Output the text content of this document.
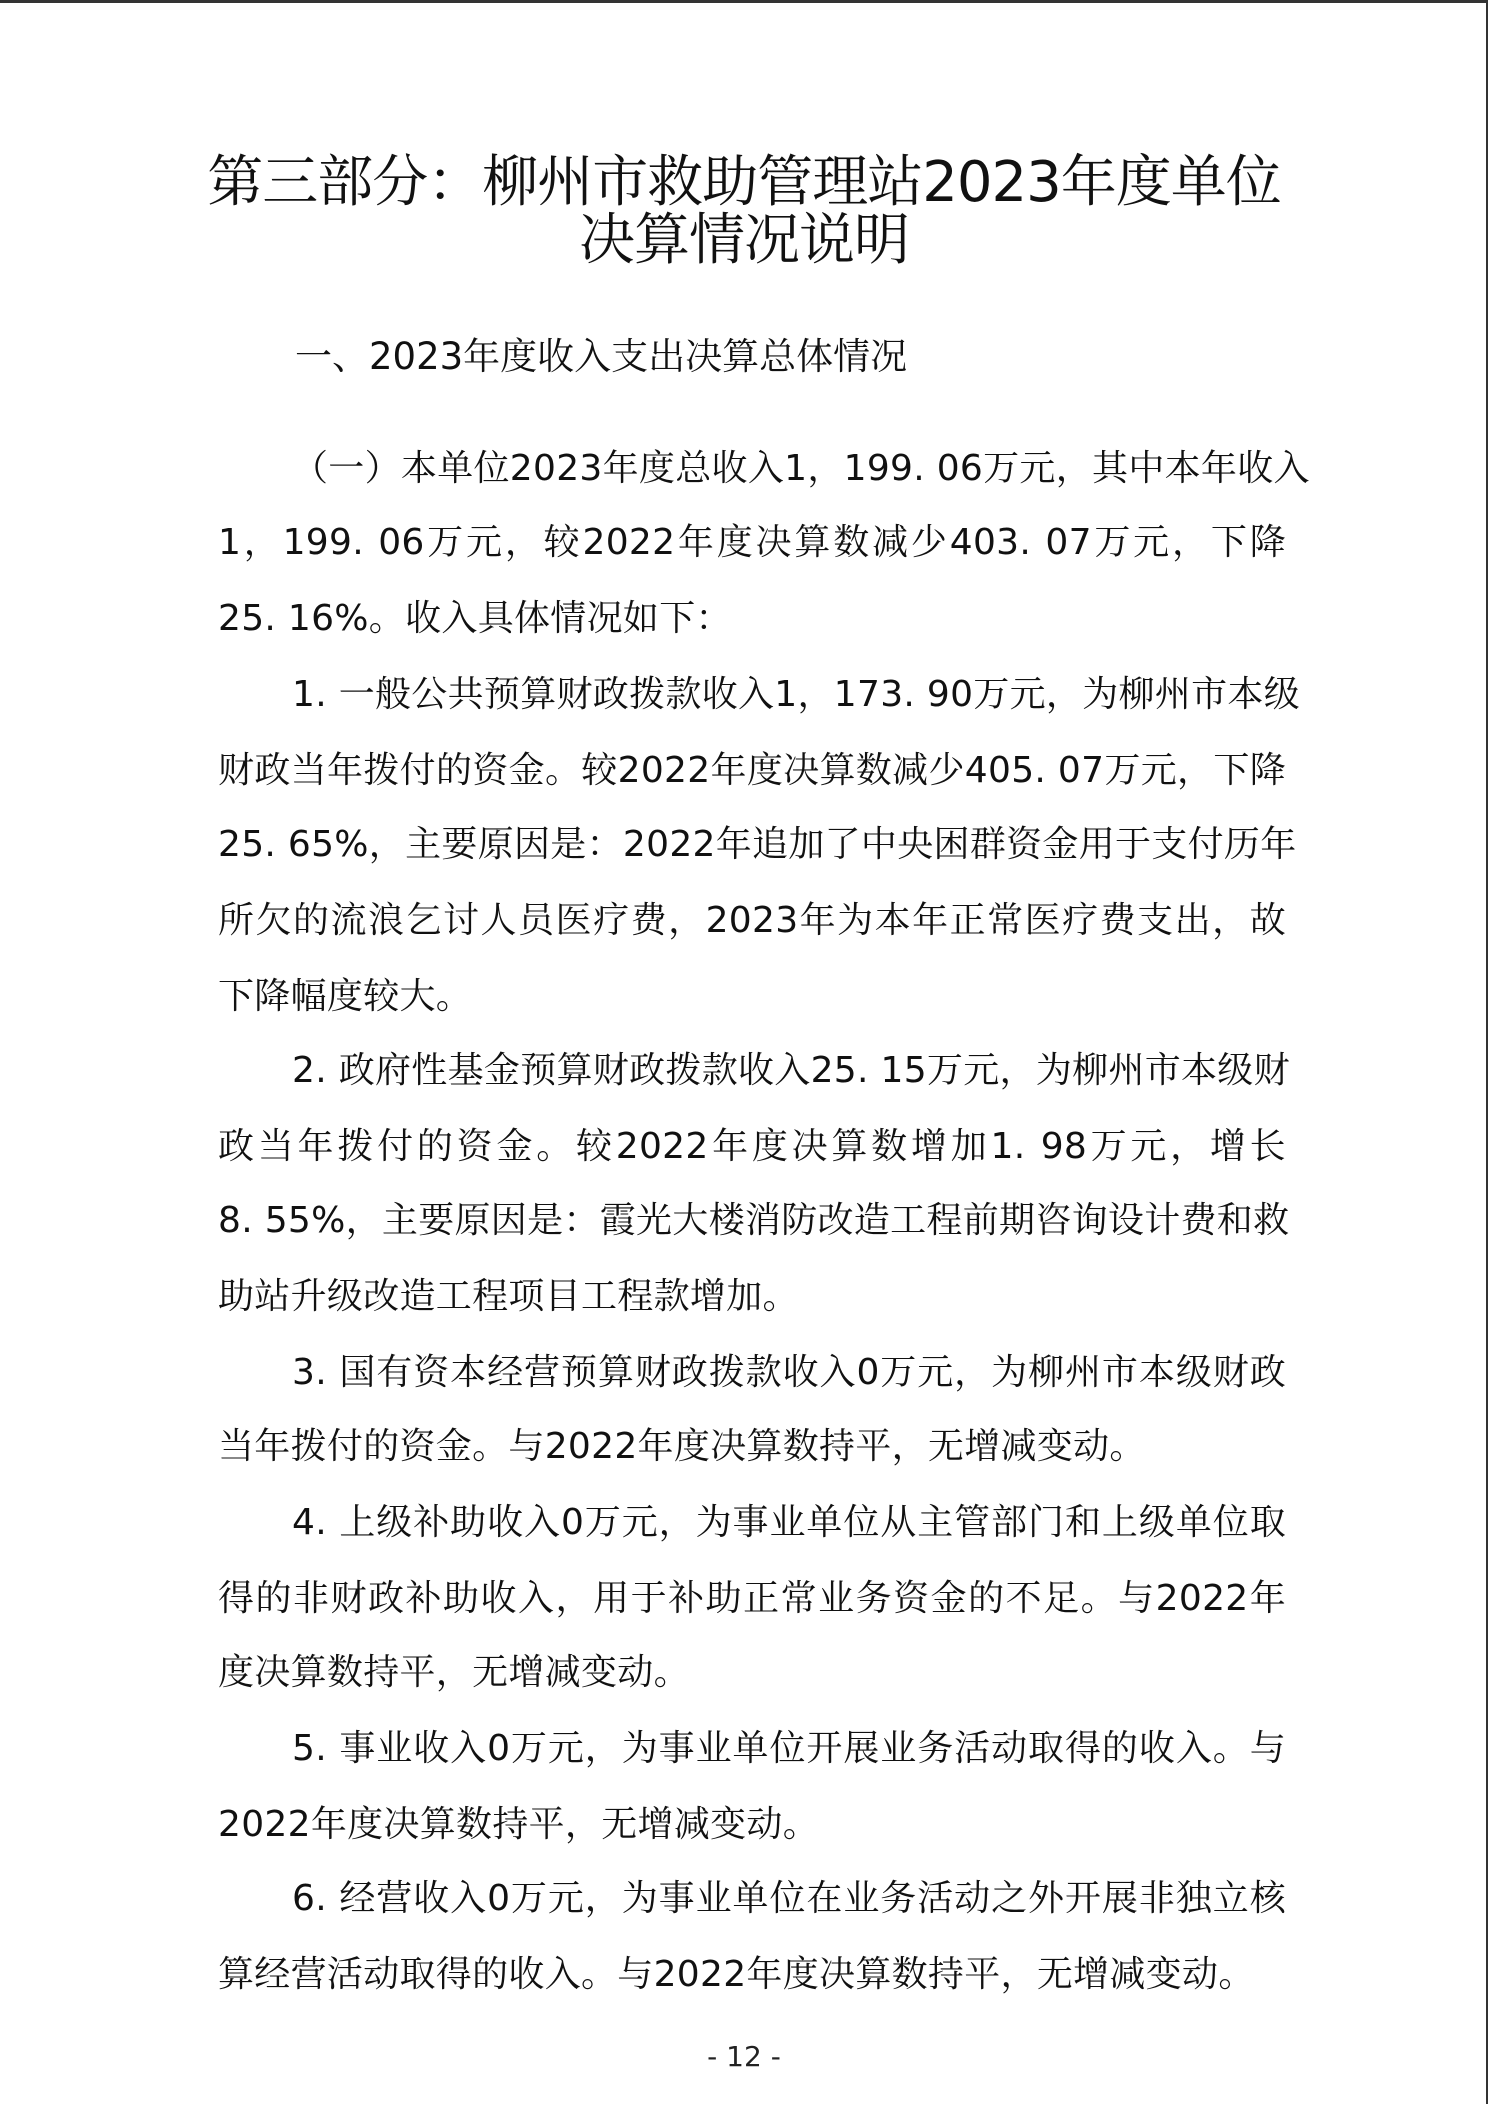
第三部分：柳州市救助管理站2023年度单位
决算情况说明
一、2023年度收入支出决算总体情况

（一）本单位2023年度总收入1，199. 06万元，其中本年收入

1，199. 06万元，较2022年度决算数减少403. 07万元，下降

25. 16%。收入具体情况如下：

1. 一般公共预算财政拨款收入1，173. 90万元，为柳州市本级

财政当年拨付的资金。较2022年度决算数减少405. 07万元，下降

25. 65%，主要原因是：2022年追加了中央困群资金用于支付历年

所欠的流浪乞讨人员医疗费，2023年为本年正常医疗费支出，故

下降幅度较大。

2. 政府性基金预算财政拨款收入25. 15万元，为柳州市本级财

政当年拨付的资金。较2022年度决算数增加1. 98万元，增长

8. 55%，主要原因是：霞光大楼消防改造工程前期咨询设计费和救

助站升级改造工程项目工程款增加。

3. 国有资本经营预算财政拨款收入0万元，为柳州市本级财政

当年拨付的资金。与2022年度决算数持平，无增减变动。

4. 上级补助收入0万元，为事业单位从主管部门和上级单位取

得的非财政补助收入，用于补助正常业务资金的不足。与2022年

度决算数持平，无增减变动。

5. 事业收入0万元，为事业单位开展业务活动取得的收入。与

2022年度决算数持平，无增减变动。

6. 经营收入0万元，为事业单位在业务活动之外开展非独立核

算经营活动取得的收入。与2022年度决算数持平，无增减变动。

- 12 -
